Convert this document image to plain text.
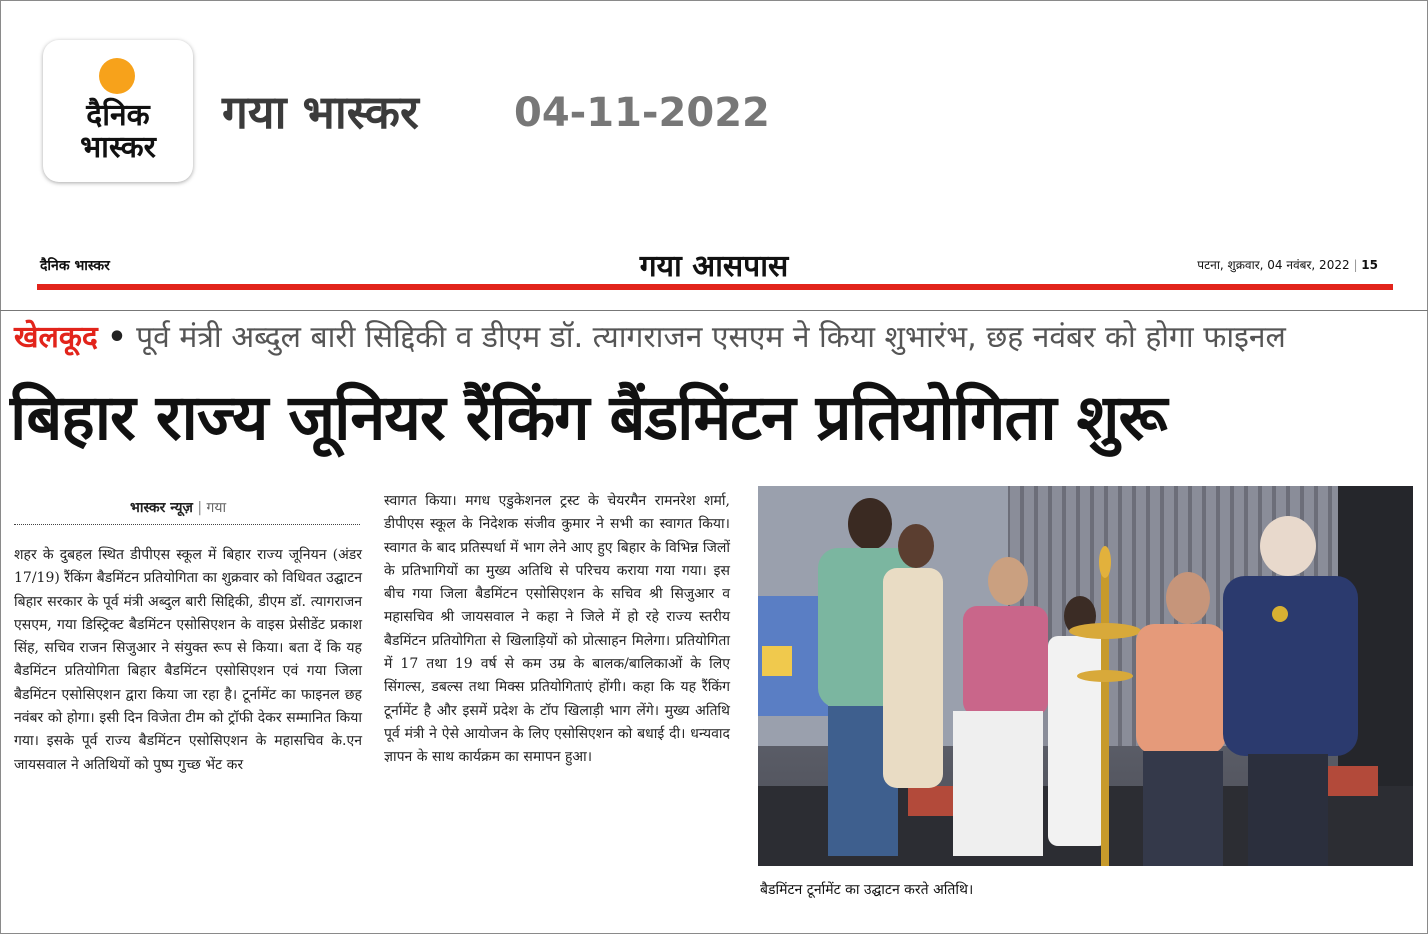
दैनिक
भास्कर
गया भास्कर 04-11-2022
दैनिक भास्कर	गया आसपास	पटना, शुक्रवार, 04 नवंबर, 2022 | 15
खेलकूद • पूर्व मंत्री अब्दुल बारी सिद्दिकी व डीएम डॉ. त्यागराजन एसएम ने किया शुभारंभ, छह नवंबर को होगा फाइनल
बिहार राज्य जूनियर रैंकिंग बैंडमिंटन प्रतियोगिता शुरू
भास्कर न्यूज़ | गया
शहर के दुबहल स्थित डीपीएस स्कूल में बिहार राज्य जूनियन (अंडर 17/19) रैंकिंग बैडमिंटन प्रतियोगिता का शुक्रवार को विधिवत उद्घाटन बिहार सरकार के पूर्व मंत्री अब्दुल बारी सिद्दिकी, डीएम डॉ. त्यागराजन एसएम, गया डिस्ट्रिक्ट बैडमिंटन एसोसिएशन के वाइस प्रेसीडेंट प्रकाश सिंह, सचिव राजन सिजुआर ने संयुक्त रूप से किया। बता दें कि यह बैडमिंटन प्रतियोगिता बिहार बैडमिंटन एसोसिएशन एवं गया जिला बैडमिंटन एसोसिएशन द्वारा किया जा रहा है। टूर्नामेंट का फाइनल छह नवंबर को होगा। इसी दिन विजेता टीम को ट्रॉफी देकर सम्मानित किया गया। इसके पूर्व राज्य बैडमिंटन एसोसिएशन के महासचिव के.एन जायसवाल ने अतिथियों को पुष्प गुच्छ भेंट कर
स्वागत किया। मगध एडुकेशनल ट्रस्ट के चेयरमैन रामनरेश शर्मा, डीपीएस स्कूल के निदेशक संजीव कुमार ने सभी का स्वागत किया। स्वागत के बाद प्रतिस्पर्धा में भाग लेने आए हुए बिहार के विभिन्न जिलों के प्रतिभागियों का मुख्य अतिथि से परिचय कराया गया गया। इस बीच गया जिला बैडमिंटन एसोसिएशन के सचिव श्री सिजुआर व महासचिव श्री जायसवाल ने कहा ने जिले में हो रहे राज्य स्तरीय बैडमिंटन प्रतियोगिता से खिलाड़ियों को प्रोत्साहन मिलेगा। प्रतियोगिता में 17 तथा 19 वर्ष से कम उम्र के बालक/बालिकाओं के लिए सिंगल्स, डबल्स तथा मिक्स प्रतियोगिताएं होंगी। कहा कि यह रैंकिंग टूर्नामेंट है और इसमें प्रदेश के टॉप खिलाड़ी भाग लेंगे। मुख्य अतिथि पूर्व मंत्री ने ऐसे आयोजन के लिए एसोसिएशन को बधाई दी। धन्यवाद ज्ञापन के साथ कार्यक्रम का समापन हुआ।
बैडमिंटन टूर्नामेंट का उद्घाटन करते अतिथि।
